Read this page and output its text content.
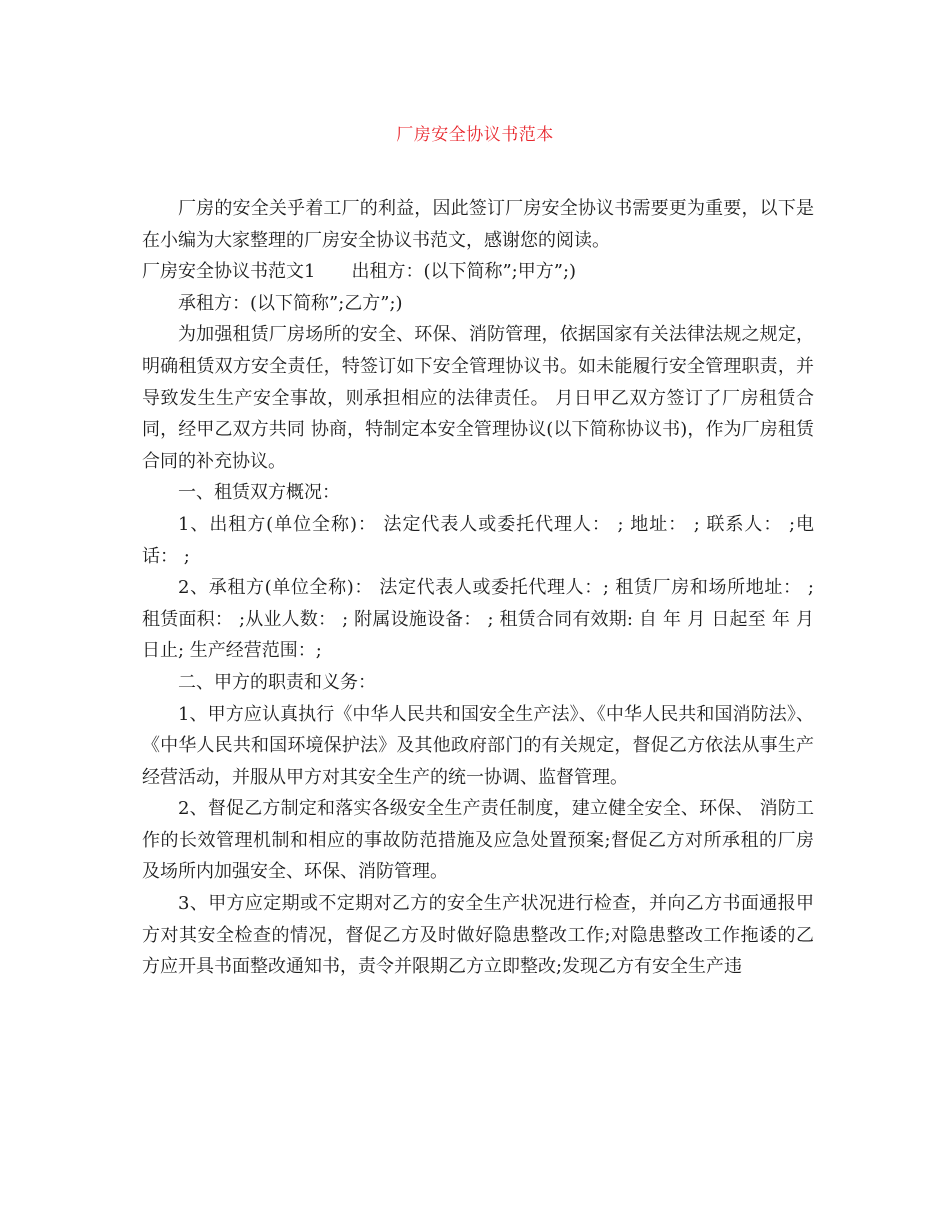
厂房安全协议书范本

厂房的安全关乎着工厂的利益，因此签订厂房安全协议书需要更为重要，以下是在小编为大家整理的厂房安全协议书范文，感谢您的阅读。

厂房安全协议书范文1 出租方：(以下简称”;甲方”;)

承租方：(以下简称”;乙方”;)

为加强租赁厂房场所的安全、环保、消防管理，依据国家有关法律法规之规定，明确租赁双方安全责任，特签订如下安全管理协议书。如未能履行安全管理职责，并导致发生生产安全事故，则承担相应的法律责任。 月日甲乙双方签订了厂房租赁合同，经甲乙双方共同 协商，特制定本安全管理协议(以下简称协议书)，作为厂房租赁合同的补充协议。

一、租赁双方概况：

1、出租方(单位全称)： 法定代表人或委托代理人： ; 地址： ; 联系人： ;电话： ;

2、承租方(单位全称)： 法定代表人或委托代理人：; 租赁厂房和场所地址： ; 租赁面积： ;从业人数： ; 附属设施设备： ; 租赁合同有效期: 自 年 月 日起至 年 月 日止; 生产经营范围：;

二、甲方的职责和义务：

1、甲方应认真执行《中华人民共和国安全生产法》、《中华人民共和国消防法》、《中华人民共和国环境保护法》及其他政府部门的有关规定，督促乙方依法从事生产经营活动，并服从甲方对其安全生产的统一协调、监督管理。

2、督促乙方制定和落实各级安全生产责任制度，建立健全安全、环保、 消防工作的长效管理机制和相应的事故防范措施及应急处置预案;督促乙方对所承租的厂房及场所内加强安全、环保、消防管理。

3、甲方应定期或不定期对乙方的安全生产状况进行检查，并向乙方书面通报甲方对其安全检查的情况，督促乙方及时做好隐患整改工作;对隐患整改工作拖诿的乙方应开具书面整改通知书，责令并限期乙方立即整改;发现乙方有安全生产违
